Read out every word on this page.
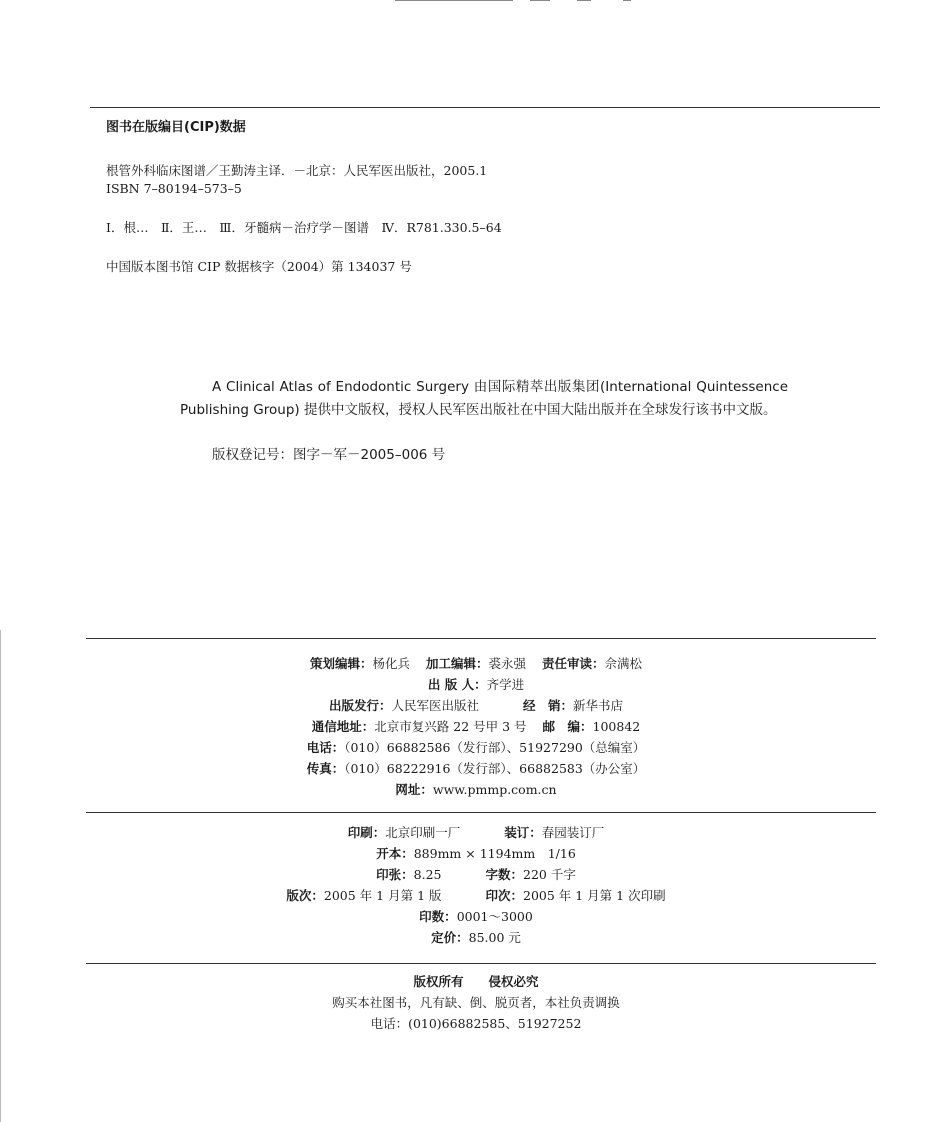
图书在版编目(CIP)数据

根管外科临床图谱／王勤涛主译．－北京：人民军医出版社，2005.1

ISBN 7–80194–573–5

Ⅰ．根…　Ⅱ．王…　Ⅲ．牙髓病－治疗学－图谱　Ⅳ．R781.330.5–64

中国版本图书馆 CIP 数据核字（2004）第 134037 号

A Clinical Atlas of Endodontic Surgery 由国际精萃出版集团(International Quintessence Publishing Group) 提供中文版权，授权人民军医出版社在中国大陆出版并在全球发行该书中文版。

版权登记号：图字－军－2005–006 号

策划编辑：杨化兵 加工编辑：裘永强 责任审读：佘满松
出 版 人：齐学进
出版发行：人民军医出版社	经　销：新华书店
通信地址：北京市复兴路 22 号甲 3 号 邮　编：100842
电话：（010）66882586（发行部）、51927290（总编室）
传真：（010）68222916（发行部）、66882583（办公室）
网址：www.pmmp.com.cn
印刷：北京印刷一厂	装订：春园装订厂
开本：889mm × 1194mm　1/16
印张：8.25	字数：220 千字
版次：2005 年 1 月第 1 版	印次：2005 年 1 月第 1 次印刷
印数：0001～3000
定价：85.00 元
版权所有　　侵权必究
购买本社图书，凡有缺、倒、脱页者，本社负责调换
电话：(010)66882585、51927252
